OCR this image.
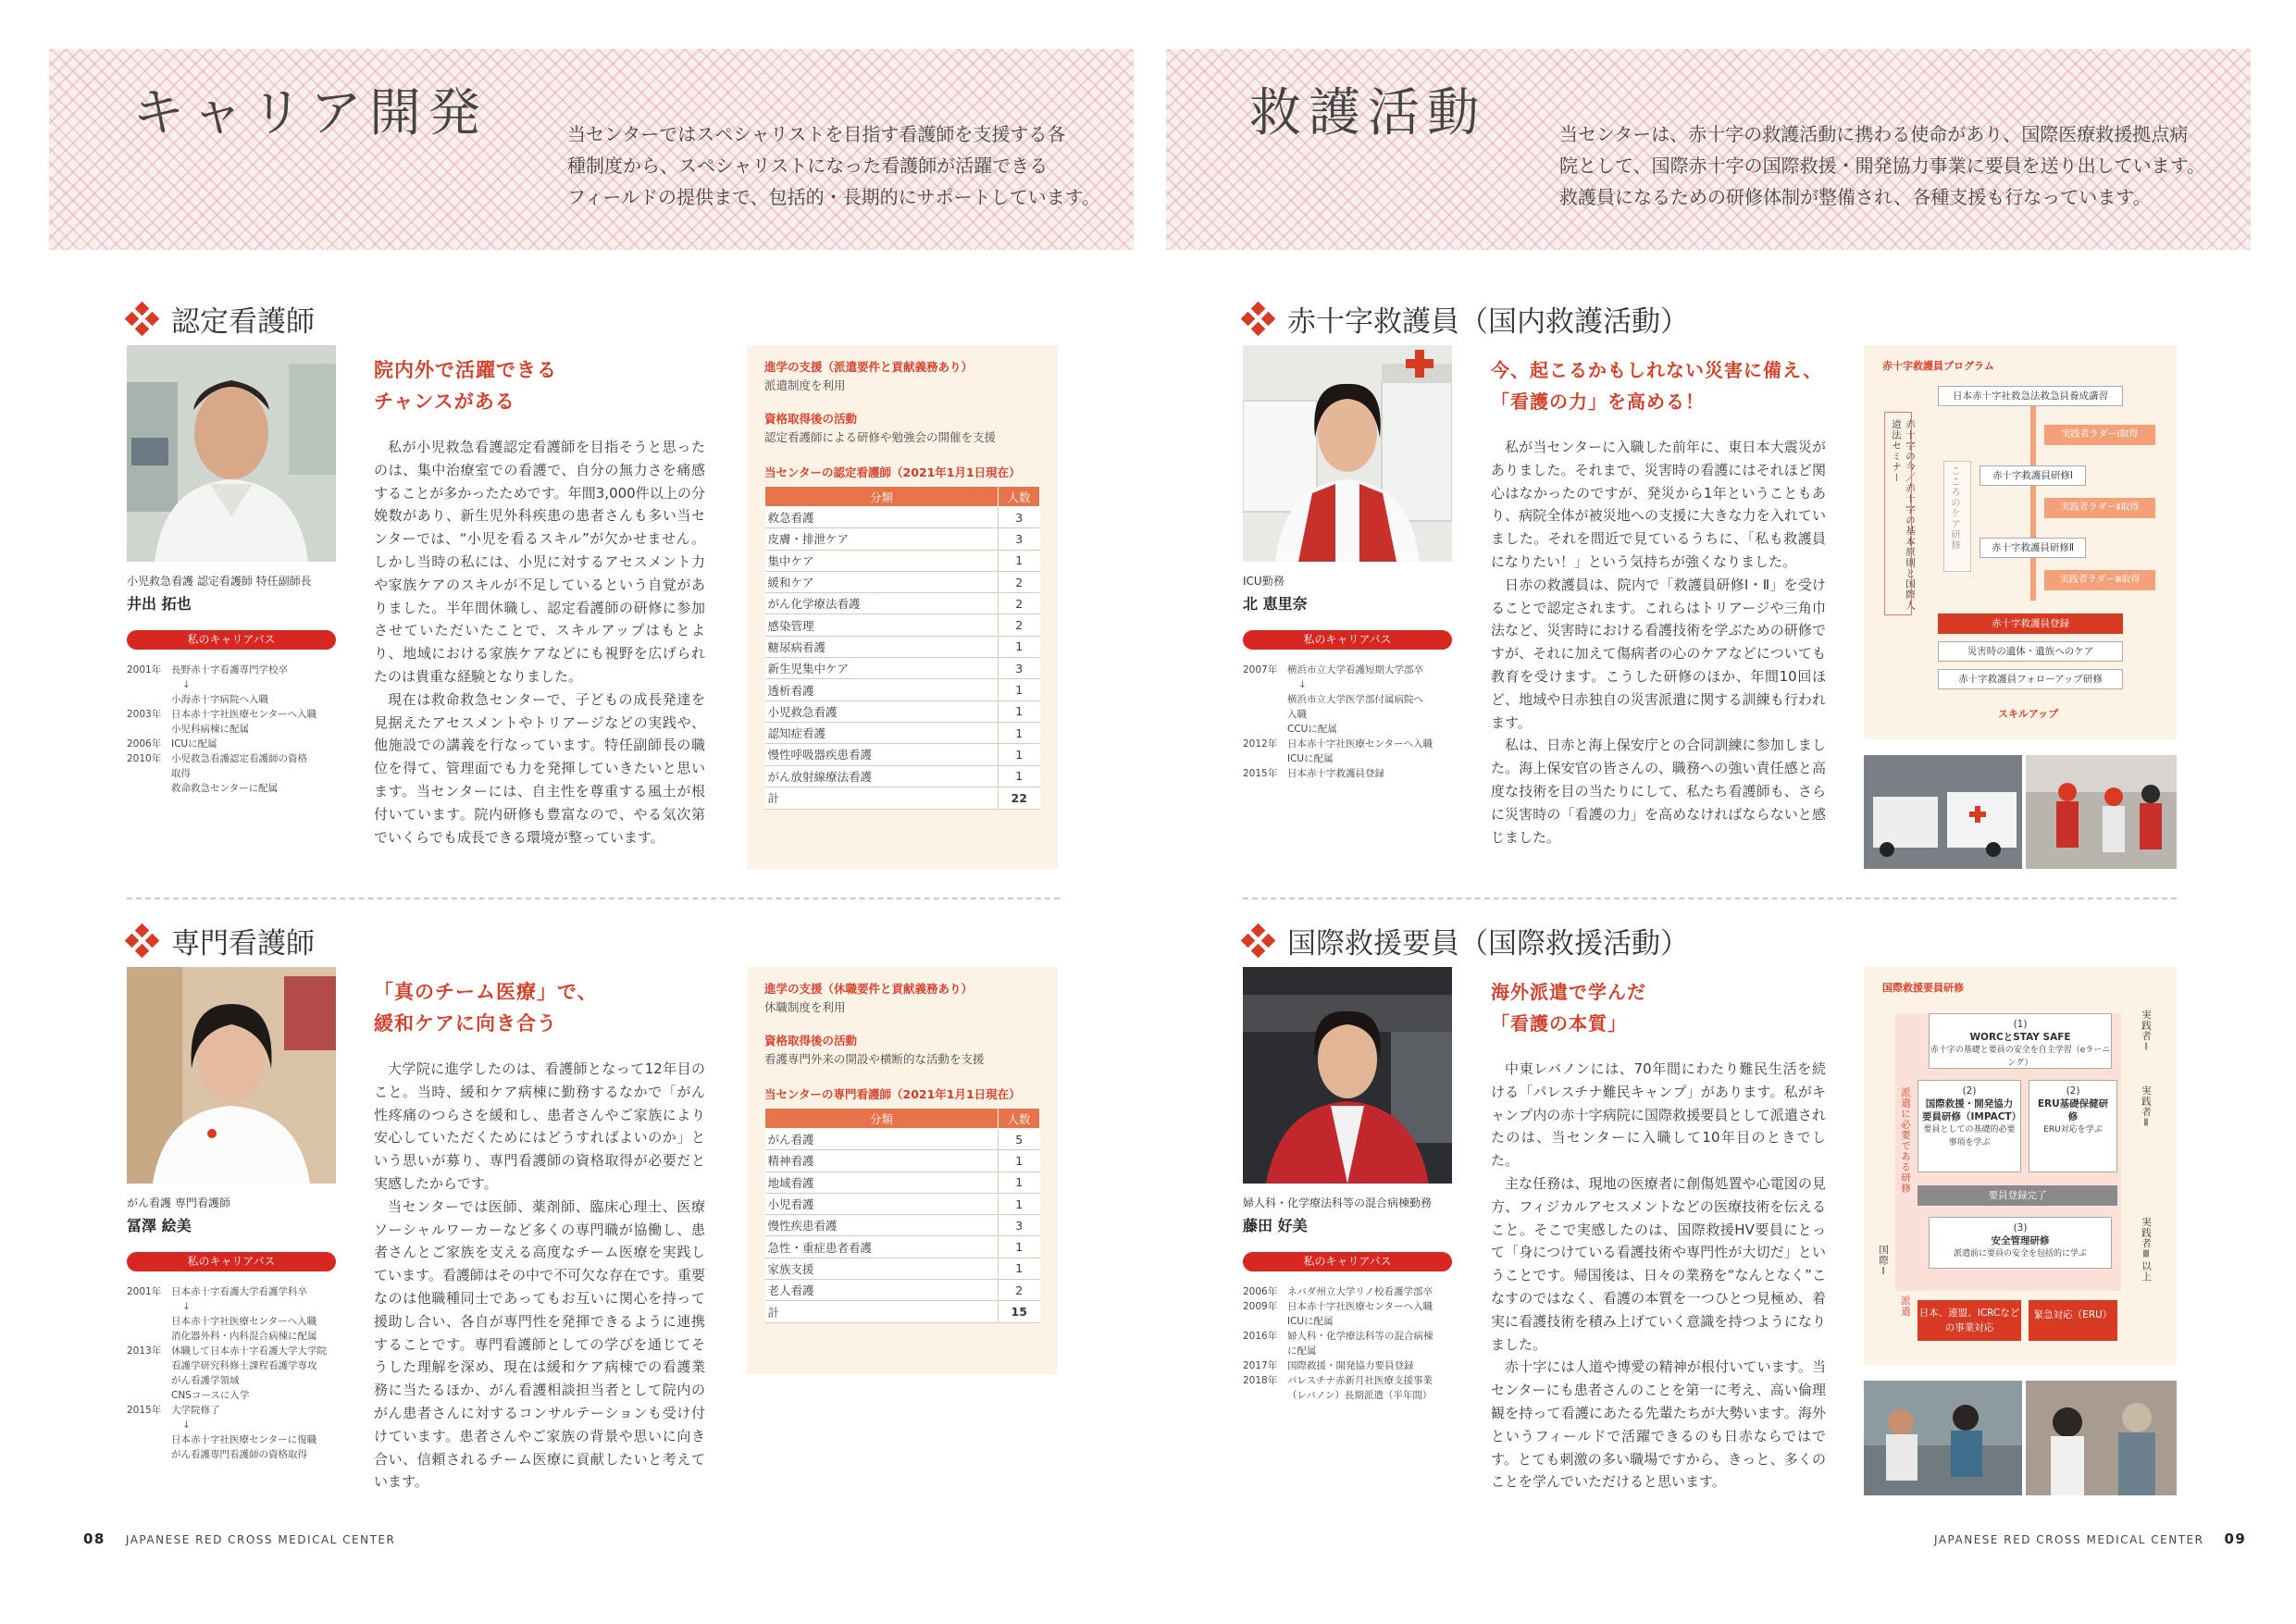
キャリア開発	当センターではスペシャリストを目指す看護師を支援する各
種制度から、スペシャリストになった看護師が活躍できる
フィールドの提供まで、包括的・長期的にサポートしています。
認定看護師
小児救急看護 認定看護師 特任副師長
井出 拓也
私のキャリアパス
2001年	長野赤十字看護専門学校卒
↓
小海赤十字病院へ入職
2003年	日本赤十字社医療センターへ入職
小児科病棟に配属
2006年	ICUに配属
2010年	小児救急看護認定看護師の資格
取得
救命救急センターに配属
院内外で活躍できる
チャンスがある

私が小児救急看護認定看護師を目指そうと思ったのは、集中治療室での看護で、自分の無力さを痛感することが多かったためです。年間3,000件以上の分娩数があり、新生児外科疾患の患者さんも多い当センターでは、“小児を看るスキル”が欠かせません。しかし当時の私には、小児に対するアセスメント力や家族ケアのスキルが不足しているという自覚がありました。半年間休職し、認定看護師の研修に参加させていただいたことで、スキルアップはもとより、地域における家族ケアなどにも視野を広げられたのは貴重な経験となりました。

現在は救命救急センターで、子どもの成長発達を見据えたアセスメントやトリアージなどの実践や、他施設での講義を行なっています。特任副師長の職位を得て、管理面でも力を発揮していきたいと思います。当センターには、自主性を尊重する風土が根付いています。院内研修も豊富なので、やる気次第でいくらでも成長できる環境が整っています。

進学の支援（派遣要件と貢献義務あり）
派遣制度を利用
資格取得後の活動
認定看護師による研修や勉強会の開催を支援
当センターの認定看護師（2021年1月1日現在）
分類	人数
救急看護	3
皮膚・排泄ケア	3
集中ケア	1
緩和ケア	2
がん化学療法看護	2
感染管理	2
糖尿病看護	1
新生児集中ケア	3
透析看護	1
小児救急看護	1
認知症看護	1
慢性呼吸器疾患看護	1
がん放射線療法看護	1
計	22
専門看護師
がん看護 専門看護師
冨澤 絵美
私のキャリアパス
2001年	日本赤十字看護大学看護学科卒
↓
日本赤十字社医療センターへ入職
消化器外科・内科混合病棟に配属
2013年	休職して日本赤十字看護大学大学院
看護学研究科修士課程看護学専攻
がん看護学領域
CNSコースに入学
2015年	大学院修了
↓
日本赤十字社医療センターに復職
がん看護専門看護師の資格取得
「真のチーム医療」で、
緩和ケアに向き合う

大学院に進学したのは、看護師となって12年目のこと。当時、緩和ケア病棟に勤務するなかで「がん性疼痛のつらさを緩和し、患者さんやご家族により安心していただくためにはどうすればよいのか」という思いが募り、専門看護師の資格取得が必要だと実感したからです。

当センターでは医師、薬剤師、臨床心理士、医療ソーシャルワーカーなど多くの専門職が協働し、患者さんとご家族を支える高度なチーム医療を実践しています。看護師はその中で不可欠な存在です。重要なのは他職種同士であってもお互いに関心を持って援助し合い、各自が専門性を発揮できるように連携することです。専門看護師としての学びを通じてそうした理解を深め、現在は緩和ケア病棟での看護業務に当たるほか、がん看護相談担当者として院内のがん患者さんに対するコンサルテーションも受け付けています。患者さんやご家族の背景や思いに向き合い、信頼されるチーム医療に貢献したいと考えています。

進学の支援（休職要件と貢献義務あり）
休職制度を利用
資格取得後の活動
看護専門外来の開設や横断的な活動を支援
当センターの専門看護師（2021年1月1日現在）
分類	人数
がん看護	5
精神看護	1
地域看護	1
小児看護	1
慢性疾患看護	3
急性・重症患者看護	1
家族支援	1
老人看護	2
計	15
08 JAPANESE RED CROSS MEDICAL CENTER
救護活動	当センターは、赤十字の救護活動に携わる使命があり、国際医療救援拠点病
院として、国際赤十字の国際救援・開発協力事業に要員を送り出しています。
救護員になるための研修体制が整備され、各種支援も行なっています。
赤十字救護員（国内救護活動）
ICU勤務
北 恵里奈
私のキャリアパス
2007年	横浜市立大学看護短期大学部卒
↓
横浜市立大学医学部付属病院へ
入職
CCUに配属
2012年	日本赤十字社医療センターへ入職
ICUに配属
2015年	日本赤十字救護員登録
今、起こるかもしれない災害に備え、
「看護の力」を高める！

私が当センターに入職した前年に、東日本大震災がありました。それまで、災害時の看護にはそれほど関心はなかったのですが、発災から1年ということもあり、病院全体が被災地への支援に大きな力を入れていました。それを間近で見ているうちに、「私も救護員になりたい！」という気持ちが強くなりました。

日赤の救護員は、院内で「救護員研修Ⅰ・Ⅱ」を受けることで認定されます。これらはトリアージや三角巾法など、災害時における看護技術を学ぶための研修ですが、それに加えて傷病者の心のケアなどについても教育を受けます。こうした研修のほか、年間10回ほど、地域や日赤独自の災害派遣に関する訓練も行われます。

私は、日赤と海上保安庁との合同訓練に参加しました。海上保安官の皆さんの、職務への強い責任感と高度な技術を目の当たりにして、私たち看護師も、さらに災害時の「看護の力」を高めなければならないと感じました。

赤十字救護員プログラム
日本赤十字社救急法救急員養成講習
赤十字の今／赤十字の基本原則と国際人道法セミナー	実践者ラダーⅠ取得
赤十字救護員研修Ⅰ
実践者ラダーⅡ取得
赤十字救護員研修Ⅱ
実践者ラダーⅢ取得
赤十字救護員登録
災害時の遺体・遺族へのケア
赤十字救護員フォローアップ研修
スキルアップ
国際救援要員（国際救援活動）
婦人科・化学療法科等の混合病棟勤務
藤田 好美
私のキャリアパス
2006年	ネバダ州立大学リノ校看護学部卒
2009年	日本赤十字社医療センターへ入職
ICUに配属
2016年	婦人科・化学療法科等の混合病棟
に配属
2017年	国際救援・開発協力要員登録
2018年	パレスチナ赤新月社医療支援事業
（レバノン）長期派遣（半年間）
海外派遣で学んだ
「看護の本質」

中東レバノンには、70年間にわたり難民生活を続ける「パレスチナ難民キャンプ」があります。私がキャンプ内の赤十字病院に国際救援要員として派遣されたのは、当センターに入職して10年目のときでした。

主な任務は、現地の医療者に創傷処置や心電図の見方、フィジカルアセスメントなどの医療技術を伝えること。そこで実感したのは、国際救援HV要員にとって「身につけている看護技術や専門性が大切だ」ということです。帰国後は、日々の業務を“なんとなく”こなすのではなく、看護の本質を一つひとつ見極め、着実に看護技術を積み上げていく意識を持つようになりました。

赤十字には人道や博愛の精神が根付いています。当センターにも患者さんのことを第一に考え、高い倫理観を持って看護にあたる先輩たちが大勢います。海外というフィールドで活躍できるのも日赤ならではです。とても刺激の多い職場ですから、きっと、多くのことを学んでいただけると思います。

国際救援要員研修
派遣に必要である研修
派遣
(1)
WORCとSTAY SAFE
赤十字の基礎と要員の安全を自主学習（eラーニング）
(2)
国際救援・開発協力要員研修（IMPACT）
要員としての基礎的必要事項を学ぶ
(2)
ERU基礎保健研修
ERU対応を学ぶ
要員登録完了
(3)
安全管理研修
派遣前に要員の安全を包括的に学ぶ
日本、連盟、ICRCなどの事業対応
緊急対応（ERU）
実践者Ⅰ
実践者Ⅱ
実践者Ⅲ以上
国際Ⅰ
JAPANESE RED CROSS MEDICAL CENTER 09
